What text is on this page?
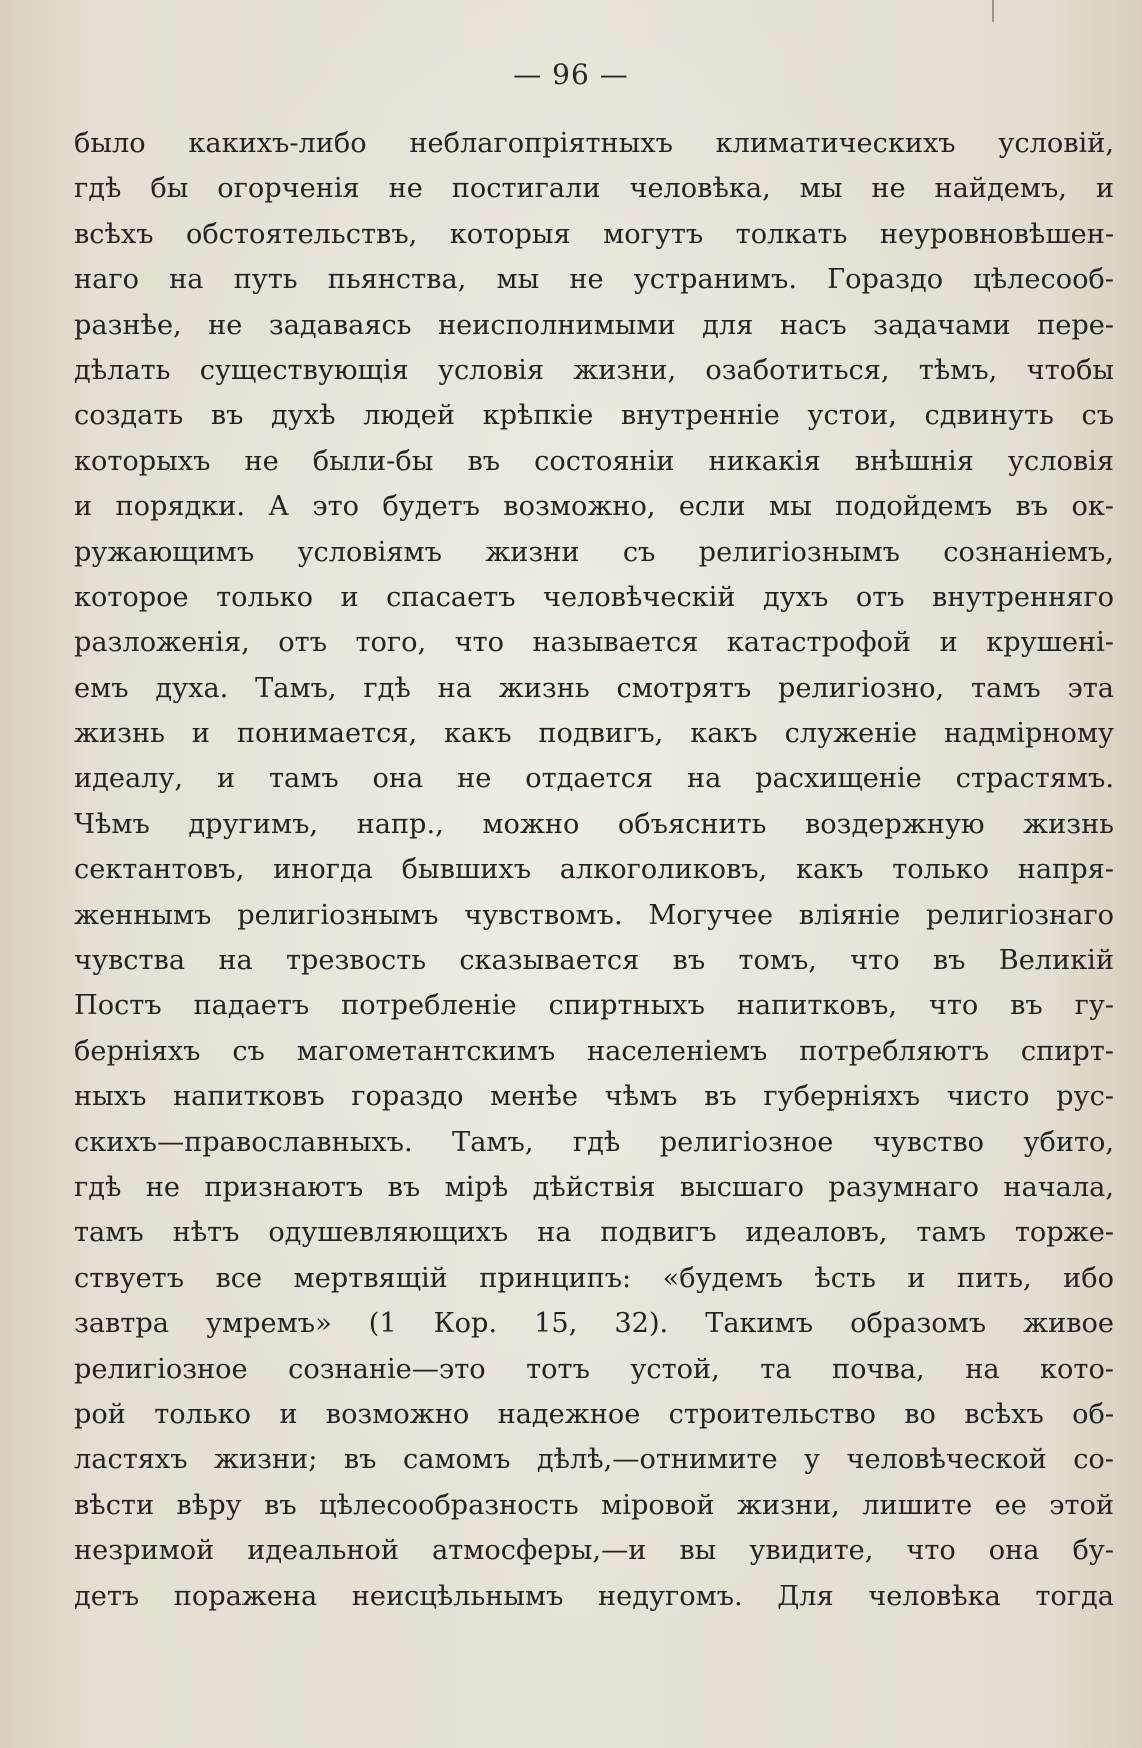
— 96 —
было какихъ-либо неблагопріятныхъ климатическихъ условій,
гдѣ бы огорченія не постигали человѣка, мы не найдемъ, и
всѣхъ обстоятельствъ, которыя могутъ толкать неуровновѣшен-
наго на путь пьянства, мы не устранимъ. Гораздо цѣлесооб-
разнѣе, не задаваясь неисполнимыми для насъ задачами пере-
дѣлать существующія условія жизни, озаботиться, тѣмъ, чтобы
создать въ духѣ людей крѣпкіе внутренніе устои, сдвинуть съ
которыхъ не были-бы въ состояніи никакія внѣшнія условія
и порядки. А это будетъ возможно, если мы подойдемъ въ ок-
ружающимъ условіямъ жизни съ религіознымъ сознаніемъ,
которое только и спасаетъ человѣческій духъ отъ внутренняго
разложенія, отъ того, что называется катастрофой и крушені-
емъ духа. Тамъ, гдѣ на жизнь смотрятъ религіозно, тамъ эта
жизнь и понимается, какъ подвигъ, какъ служеніе надмірному
идеалу, и тамъ она не отдается на расхищеніе страстямъ.
Чѣмъ другимъ, напр., можно объяснить воздержную жизнь
сектантовъ, иногда бывшихъ алкоголиковъ, какъ только напря-
женнымъ религіознымъ чувствомъ. Могучее вліяніе религіознаго
чувства на трезвость сказывается въ томъ, что въ Великій
Постъ падаетъ потребленіе спиртныхъ напитковъ, что въ гу-
берніяхъ съ магометантскимъ населеніемъ потребляютъ спирт-
ныхъ напитковъ гораздо менѣе чѣмъ въ губерніяхъ чисто рус-
скихъ—православныхъ. Тамъ, гдѣ религіозное чувство убито,
гдѣ не признаютъ въ мірѣ дѣйствія высшаго разумнаго начала,
тамъ нѣтъ одушевляющихъ на подвигъ идеаловъ, тамъ торже-
ствуетъ все мертвящій принципъ: «будемъ ѣсть и пить, ибо
завтра умремъ» (1 Кор. 15, 32). Такимъ образомъ живое
религіозное сознаніе—это тотъ устой, та почва, на кото-
рой только и возможно надежное строительство во всѣхъ об-
ластяхъ жизни; въ самомъ дѣлѣ,—отнимите у человѣческой со-
вѣсти вѣру въ цѣлесообразность міровой жизни, лишите ее этой
незримой идеальной атмосферы,—и вы увидите, что она бу-
детъ поражена неисцѣльнымъ недугомъ. Для человѣка тогда
